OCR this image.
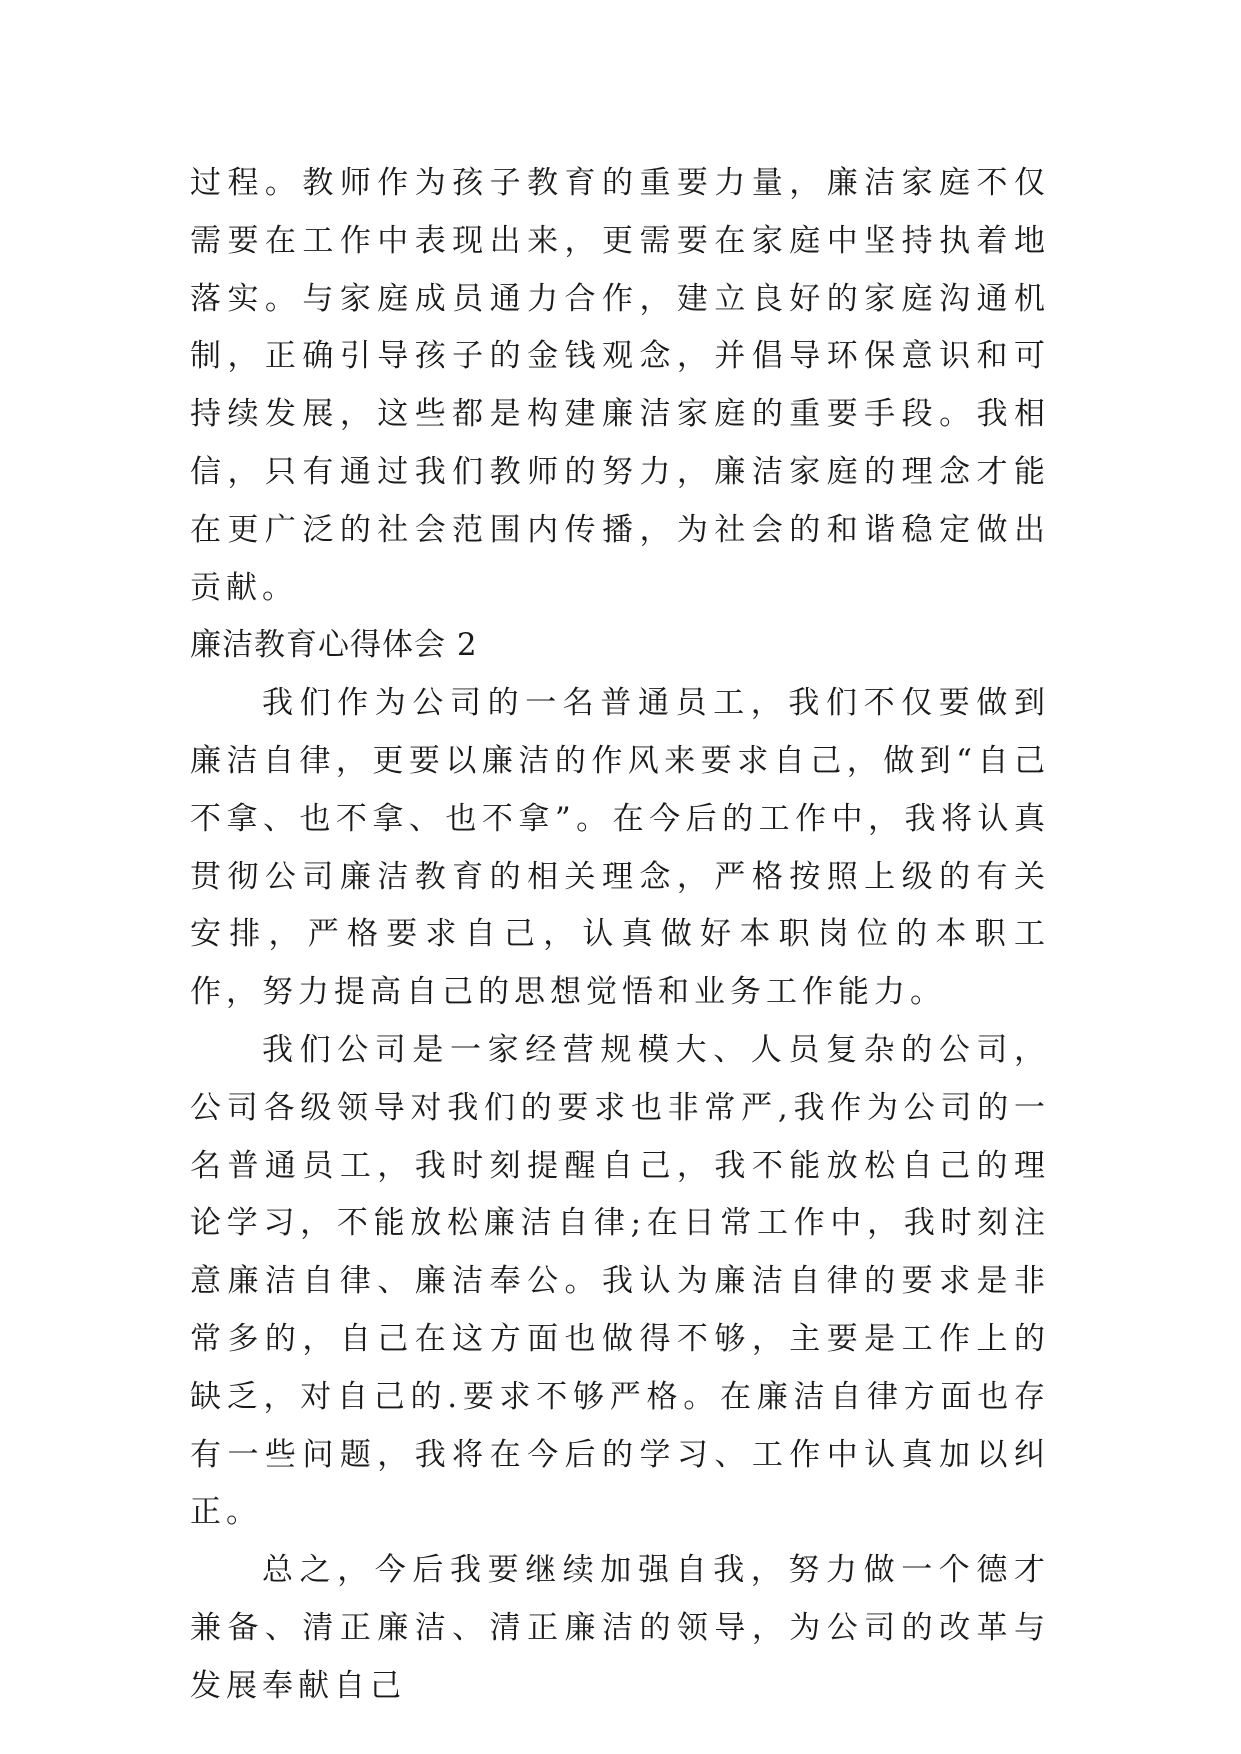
过程。教师作为孩子教育的重要力量，廉洁家庭不仅需要在工作中表现出来，更需要在家庭中坚持执着地落实。与家庭成员通力合作，建立良好的家庭沟通机制，正确引导孩子的金钱观念，并倡导环保意识和可持续发展，这些都是构建廉洁家庭的重要手段。我相信，只有通过我们教师的努力，廉洁家庭的理念才能在更广泛的社会范围内传播，为社会的和谐稳定做出贡献。

廉洁教育心得体会 2

我们作为公司的一名普通员工，我们不仅要做到廉洁自律，更要以廉洁的作风来要求自己，做到“自己不拿、也不拿、也不拿”。在今后的工作中，我将认真贯彻公司廉洁教育的相关理念，严格按照上级的有关安排，严格要求自己，认真做好本职岗位的本职工作，努力提高自己的思想觉悟和业务工作能力。

我们公司是一家经营规模大、人员复杂的公司，公司各级领导对我们的要求也非常严,我作为公司的一名普通员工，我时刻提醒自己，我不能放松自己的理论学习，不能放松廉洁自律;在日常工作中，我时刻注意廉洁自律、廉洁奉公。我认为廉洁自律的要求是非常多的，自己在这方面也做得不够，主要是工作上的缺乏，对自己的.要求不够严格。在廉洁自律方面也存有一些问题，我将在今后的学习、工作中认真加以纠正。

总之，今后我要继续加强自我，努力做一个德才兼备、清正廉洁、清正廉洁的领导，为公司的改革与发展奉献自己
